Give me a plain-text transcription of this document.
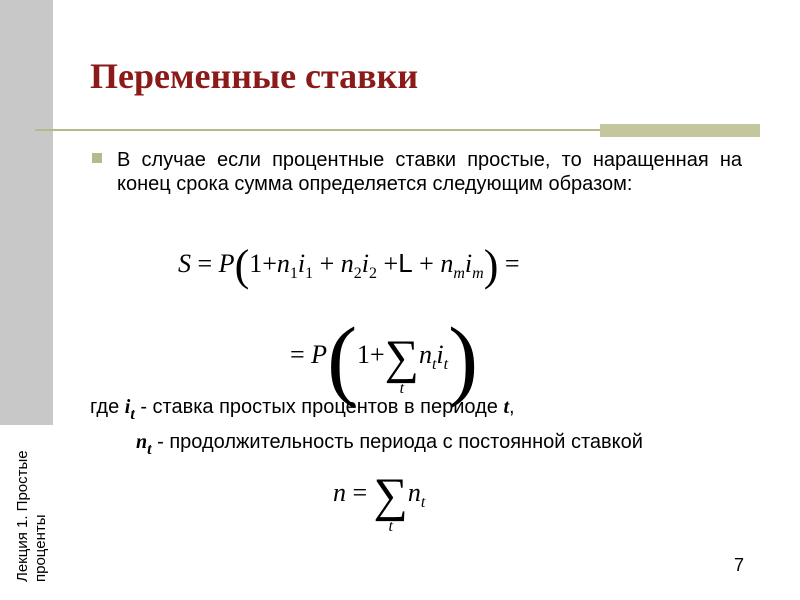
Лекция 1. Простые проценты
Переменные ставки
В случае если процентные ставки простые, то наращенная на конец срока сумма определяется следующим образом:
$S = P(1+n_1i_1 + n_2i_2 +L + n_mi_m)$ =
= P(1+∑
t
$n_ti_t$)
где $i_t$ - ставка простых процентов в периоде t,
$n_t$ - продолжительность периода с постоянной ставкой
n = ∑
t
$n_t$
7
